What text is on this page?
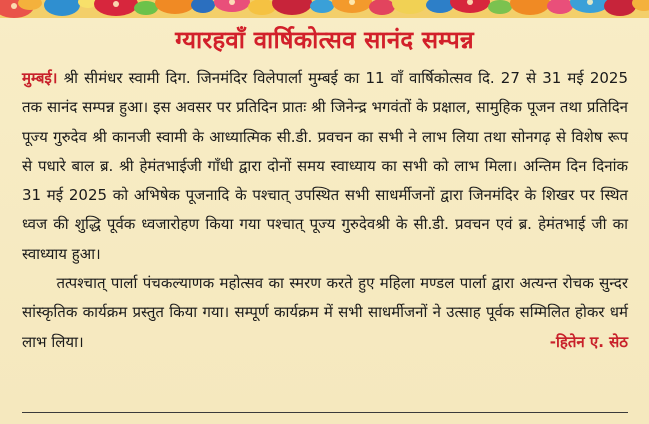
ग्यारहवाँ वार्षिकोत्सव सानंद सम्पन्न

मुम्बई। श्री सीमंधर स्वामी दिग. जिनमंदिर विलेपार्ला मुम्बई का 11 वाँ वार्षिकोत्सव दि. 27 से 31 मई 2025 तक सानंद सम्पन्न हुआ। इस अवसर पर प्रतिदिन प्रातः श्री जिनेन्द्र भगवंतों के प्रक्षाल, सामुहिक पूजन तथा प्रतिदिन पूज्य गुरुदेव श्री कानजी स्वामी के आध्यात्मिक सी.डी. प्रवचन का सभी ने लाभ लिया तथा सोनगढ़ से विशेष रूप से पधारे बाल ब्र. श्री हेमंतभाईजी गाँधी द्वारा दोनों समय स्वाध्याय का सभी को लाभ मिला। अन्तिम दिन दिनांक 31 मई 2025 को अभिषेक पूजनादि के पश्चात् उपस्थित सभी साधर्मीजनों द्वारा जिनमंदिर के शिखर पर स्थित ध्वज की शुद्धि पूर्वक ध्वजारोहण किया गया पश्चात् पूज्य गुरुदेवश्री के सी.डी. प्रवचन एवं ब्र. हेमंतभाई जी का स्वाध्याय हुआ।

तत्पश्चात् पार्ला पंचकल्याणक महोत्सव का स्मरण करते हुए महिला मण्डल पार्ला द्वारा अत्यन्त रोचक सुन्दर सांस्कृतिक कार्यक्रम प्रस्तुत किया गया। सम्पूर्ण कार्यक्रम में सभी साधर्मीजनों ने उत्साह पूर्वक सम्मिलित होकर धर्म लाभ लिया।	-हितेन ए. सेठ
